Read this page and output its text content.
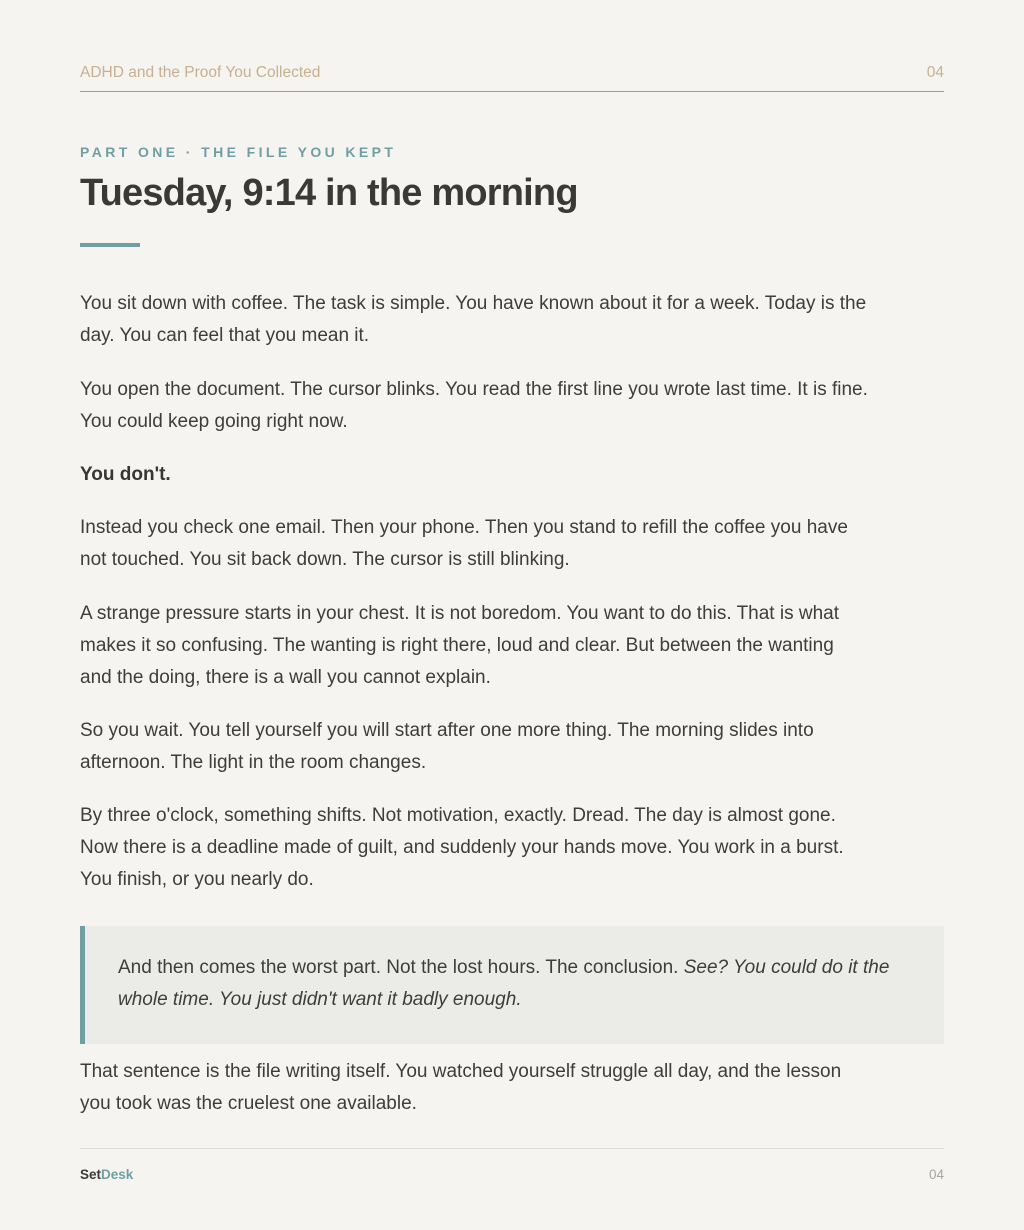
ADHD and the Proof You Collected	04
PART ONE · THE FILE YOU KEPT
Tuesday, 9:14 in the morning

You sit down with coffee. The task is simple. You have known about it for a week. Today is the day. You can feel that you mean it.

You open the document. The cursor blinks. You read the first line you wrote last time. It is fine. You could keep going right now.

You don't.

Instead you check one email. Then your phone. Then you stand to refill the coffee you have not touched. You sit back down. The cursor is still blinking.

A strange pressure starts in your chest. It is not boredom. You want to do this. That is what makes it so confusing. The wanting is right there, loud and clear. But between the wanting and the doing, there is a wall you cannot explain.

So you wait. You tell yourself you will start after one more thing. The morning slides into afternoon. The light in the room changes.

By three o'clock, something shifts. Not motivation, exactly. Dread. The day is almost gone. Now there is a deadline made of guilt, and suddenly your hands move. You work in a burst. You finish, or you nearly do.

And then comes the worst part. Not the lost hours. The conclusion. See? You could do it the whole time. You just didn't want it badly enough.

That sentence is the file writing itself. You watched yourself struggle all day, and the lesson you took was the cruelest one available.

SetDesk	04
